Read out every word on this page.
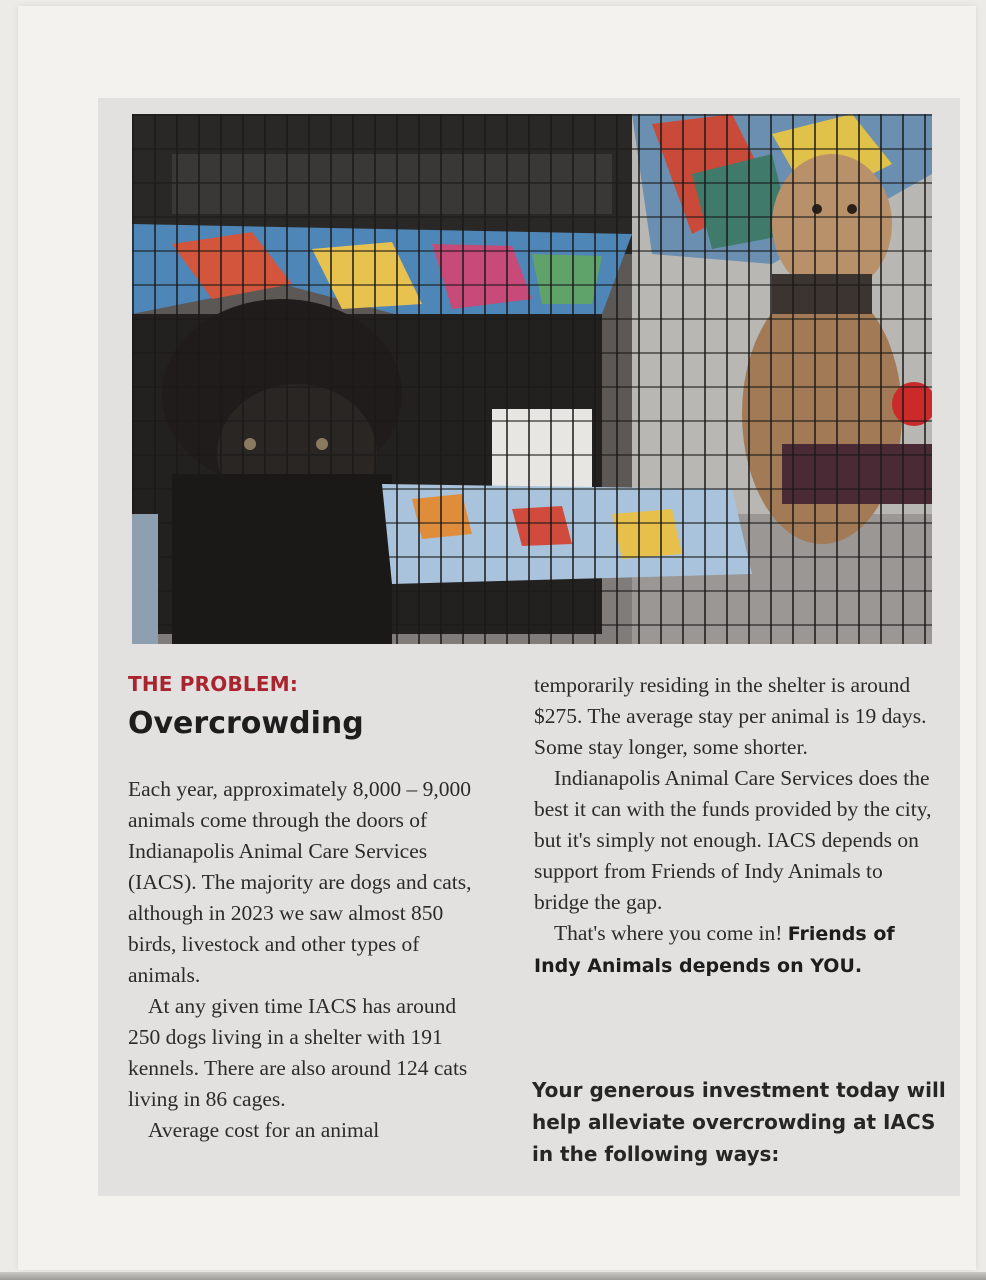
THE PROBLEM:
Overcrowding

Each year, approximately 8,000 – 9,000 animals come through the doors of Indianapolis Animal Care Services (IACS). The majority are dogs and cats, although in 2023 we saw almost 850 birds, livestock and other types of animals.

At any given time IACS has around 250 dogs living in a shelter with 191 kennels. There are also around 124 cats living in 86 cages.

Average cost for an animal

temporarily residing in the shelter is around $275. The average stay per animal is 19 days. Some stay longer, some shorter.

Indianapolis Animal Care Services does the best it can with the funds provided by the city, but it's simply not enough. IACS depends on support from Friends of Indy Animals to bridge the gap.

That's where you come in! Friends of Indy Animals depends on YOU.

Your generous investment today will help alleviate overcrowding at IACS in the following ways:
